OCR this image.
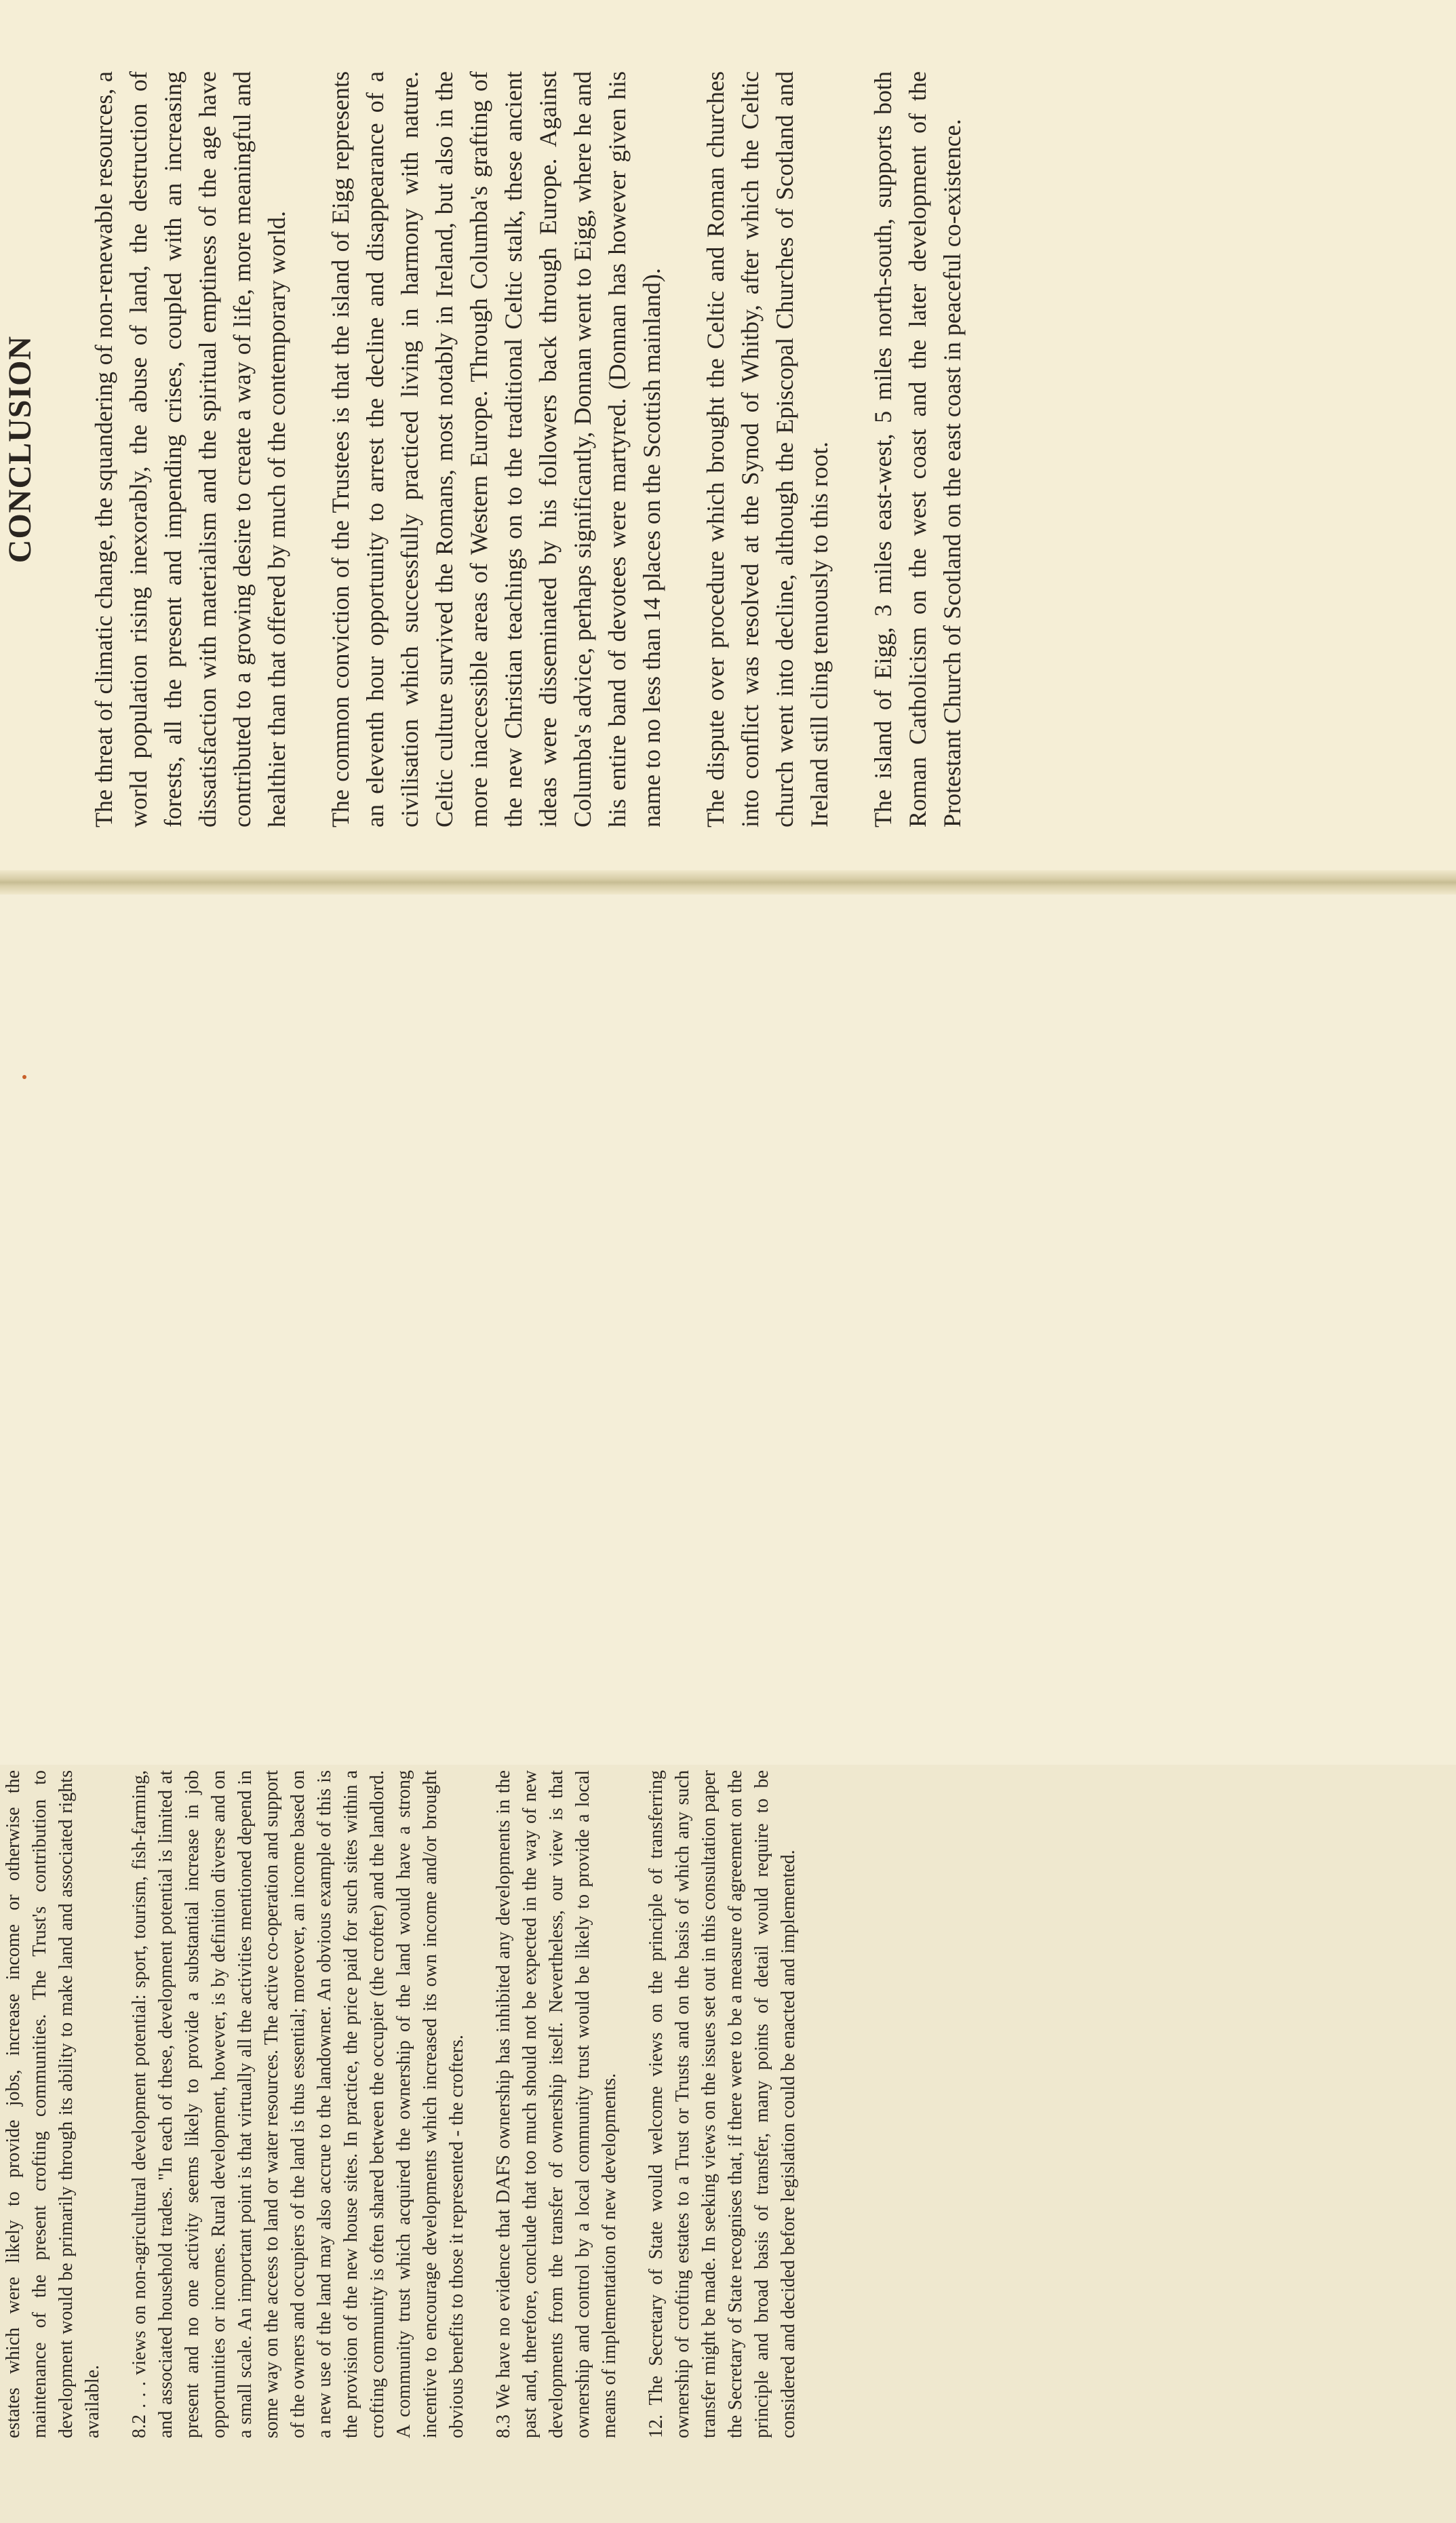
CONCLUSION The threat of climatic change, the squandering of non-renewable resources, a world population rising inexorably, the abuse of land, the destruction of forests, all the present and impending crises, coupled with an increasing dissatisfaction with materialism and the spiritual emptiness of the age have contributed to a growing desire to create a way of life, more meaningful and healthier than that offered by much of the contemporary world. The common conviction of the Trustees is that the island of Eigg represents an eleventh hour opportunity to arrest the decline and disappearance of a civilisation which successfully practiced living in harmony with nature. Celtic culture survived the Romans, most notably in Ireland, but also in the more inaccessible areas of Western Europe. Through Columba's grafting of the new Christian teachings on to the traditional Celtic stalk, these ancient ideas were disseminated by his followers back through Europe. Against Columba's advice, perhaps significantly, Donnan went to Eigg, where he and his entire band of devotees were martyred. (Donnan has however given his name to no less than 14 places on the Scottish mainland). The dispute over procedure which brought the Celtic and Roman churches into conflict was resolved at the Synod of Whitby, after which the Celtic church went into decline, although the Episcopal Churches of Scotland and Ireland still cling tenuously to this root. The island of Eigg, 3 miles east-west, 5 miles north-south, supports both Roman Catholicism on the west coast and the later development of the Protestant Church of Scotland on the east coast in peaceful co-existence.

estates which were likely to provide jobs, increase income or otherwise the maintenance of the present crofting communities. The Trust's contribution to development would be primarily through its ability to make land and associated rights available. 8.2 . . . views on non-agricultural development potential: sport, tourism, fish-farming, and associated household trades. "In each of these, development potential is limited at present and no one activity seems likely to provide a substantial increase in job opportunities or incomes. Rural development, however, is by definition diverse and on a small scale. An important point is that virtually all the activities mentioned depend in some way on the access to land or water resources. The active co-operation and support of the owners and occupiers of the land is thus essential; moreover, an income based on a new use of the land may also accrue to the landowner. An obvious example of this is the provision of the new house sites. In practice, the price paid for such sites within a crofting community is often shared between the occupier (the crofter) and the landlord. A community trust which acquired the ownership of the land would have a strong incentive to encourage developments which increased its own income and/or brought obvious benefits to those it represented - the crofters. 8.3 We have no evidence that DAFS ownership has inhibited any developments in the past and, therefore, conclude that too much should not be expected in the way of new developments from the transfer of ownership itself. Nevertheless, our view is that ownership and control by a local community trust would be likely to provide a local means of implementation of new developments. 12. The Secretary of State would welcome views on the principle of transferring ownership of crofting estates to a Trust or Trusts and on the basis of which any such transfer might be made. In seeking views on the issues set out in this consultation paper the Secretary of State recognises that, if there were to be a measure of agreement on the principle and broad basis of transfer, many points of detail would require to be considered and decided before legislation could be enacted and implemented.
